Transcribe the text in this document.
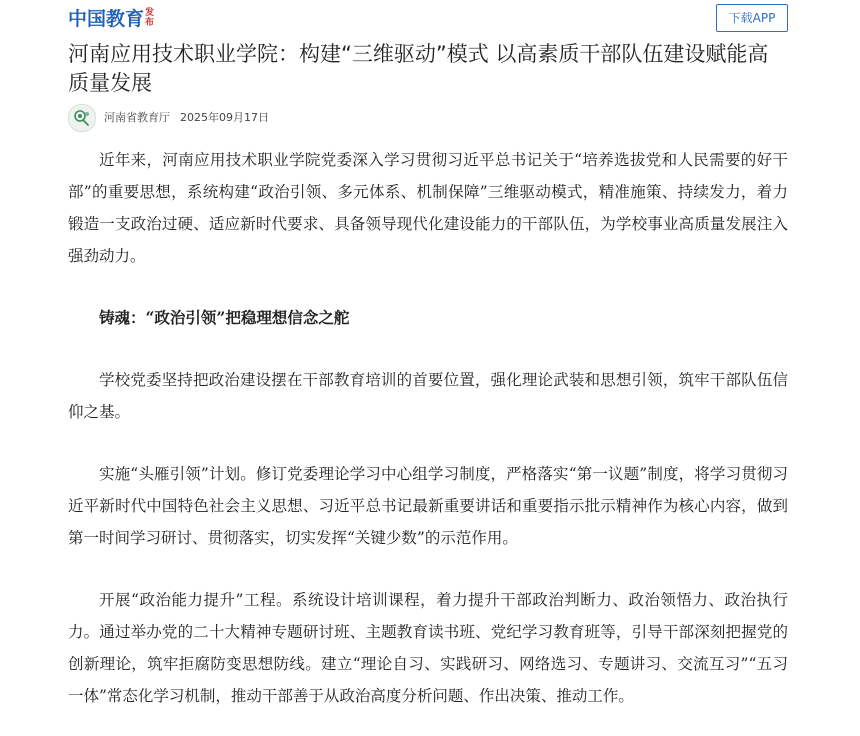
中国教育 发
布	下载APP
河南应用技术职业学院：构建“三维驱动”模式 以高素质干部队伍建设赋能高质量发展
河南省教育厅 2025年09月17日

近年来，河南应用技术职业学院党委深入学习贯彻习近平总书记关于“培养选拔党和人民需要的好干部”的重要思想，系统构建“政治引领、多元体系、机制保障”三维驱动模式，精准施策、持续发力，着力锻造一支政治过硬、适应新时代要求、具备领导现代化建设能力的干部队伍，为学校事业高质量发展注入强劲动力。

铸魂：“政治引领”把稳理想信念之舵

学校党委坚持把政治建设摆在干部教育培训的首要位置，强化理论武装和思想引领，筑牢干部队伍信仰之基。

实施“头雁引领”计划。修订党委理论学习中心组学习制度，严格落实“第一议题”制度，将学习贯彻习近平新时代中国特色社会主义思想、习近平总书记最新重要讲话和重要指示批示精神作为核心内容，做到第一时间学习研讨、贯彻落实，切实发挥“关键少数”的示范作用。

开展“政治能力提升”工程。系统设计培训课程，着力提升干部政治判断力、政治领悟力、政治执行力。通过举办党的二十大精神专题研讨班、主题教育读书班、党纪学习教育班等，引导干部深刻把握党的创新理论，筑牢拒腐防变思想防线。建立“理论自习、实践研习、网络选习、专题讲习、交流互习”“五习一体”常态化学习机制，推动干部善于从政治高度分析问题、作出决策、推动工作。
